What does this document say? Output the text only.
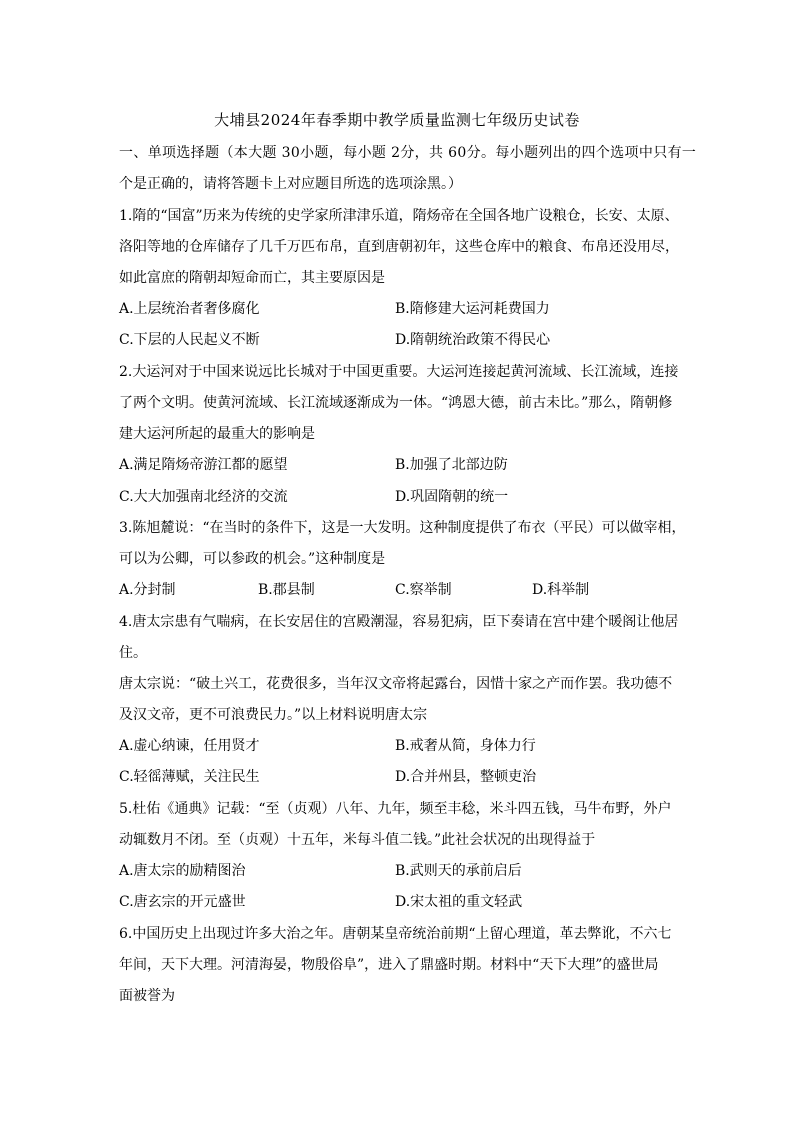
大埔县2024年春季期中教学质量监测七年级历史试卷
一、单项选择题（本大题 30小题，每小题 2分，共 60分。每小题列出的四个选项中只有一
个是正确的，请将答题卡上对应题目所选的选项涂黑。）
1.隋的“国富”历来为传统的史学家所津津乐道，隋炀帝在全国各地广设粮仓，长安、太原、
洛阳等地的仓库储存了几千万匹布帛，直到唐朝初年，这些仓库中的粮食、布帛还没用尽，
如此富庶的隋朝却短命而亡，其主要原因是
A.上层统治者奢侈腐化	B.隋修建大运河耗费国力
C.下层的人民起义不断	D.隋朝统治政策不得民心
2.大运河对于中国来说远比长城对于中国更重要。大运河连接起黄河流域、长江流域，连接
了两个文明。使黄河流域、长江流域逐渐成为一体。“鸿恩大德，前古未比。”那么，隋朝修
建大运河所起的最重大的影响是
A.满足隋炀帝游江都的愿望	B.加强了北部边防
C.大大加强南北经济的交流	D.巩固隋朝的统一
3.陈旭麓说：“在当时的条件下，这是一大发明。这种制度提供了布衣（平民）可以做宰相，
可以为公卿，可以参政的机会。”这种制度是
A.分封制	B.郡县制	C.察举制	D.科举制
4.唐太宗患有气喘病，在长安居住的宫殿潮湿，容易犯病，臣下奏请在宫中建个暖阁让他居
住。
唐太宗说：“破土兴工，花费很多，当年汉文帝将起露台，因惜十家之产而作罢。我功德不
及汉文帝，更不可浪费民力。”以上材料说明唐太宗
A.虚心纳谏，任用贤才	B.戒奢从简，身体力行
C.轻徭薄赋，关注民生	D.合并州县，整顿吏治
5.杜佑《通典》记载：“至（贞观）八年、九年，频至丰稔，米斗四五钱，马牛布野，外户
动辄数月不闭。至（贞观）十五年，米每斗值二钱。”此社会状况的出现得益于
A.唐太宗的励精图治	B.武则天的承前启后
C.唐玄宗的开元盛世	D.宋太祖的重文轻武
6.中国历史上出现过许多大治之年。唐朝某皇帝统治前期“上留心理道，革去弊讹，不六七
年间，天下大理。河清海晏，物殷俗阜”，进入了鼎盛时期。材料中“天下大理”的盛世局
面被誉为
